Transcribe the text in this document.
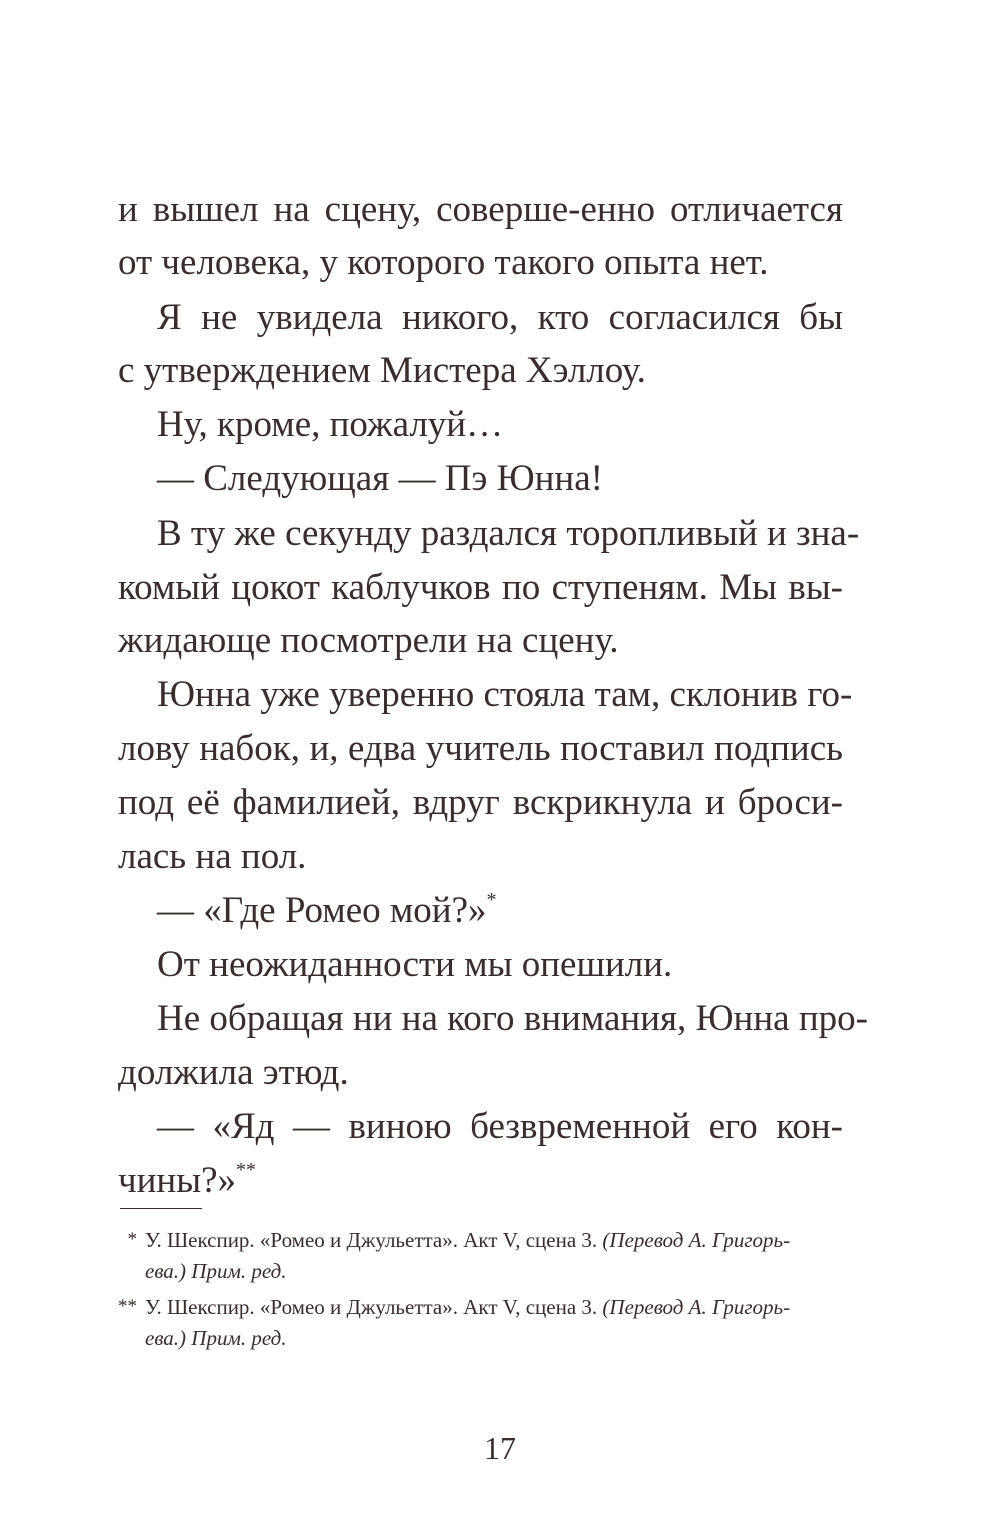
и вышел на сцену, соверше-енно отличается

от человека, у которого такого опыта нет.

Я не увидела никого, кто согласился бы

с утверждением Мистера Хэллоу.

Ну, кроме, пожалуй…

— Следующая — Пэ Юнна!

В ту же секунду раздался торопливый и зна-

комый цокот каблучков по ступеням. Мы вы-

жидающе посмотрели на сцену.

Юнна уже уверенно стояла там, склонив го-

лову набок, и, едва учитель поставил подпись

под её фамилией, вдруг вскрикнула и броси-

лась на пол.

— «Где Ромео мой?»*

От неожиданности мы опешили.

Не обращая ни на кого внимания, Юнна про-

должила этюд.

— «Яд — виною безвременной его кон-

чины?»**

* У. Шекспир. «Ромео и Джульетта». Акт V, сцена 3. (Перевод А. Григорь-

ева.) Прим. ред.

** У. Шекспир. «Ромео и Джульетта». Акт V, сцена 3. (Перевод А. Григорь-

ева.) Прим. ред.

17
